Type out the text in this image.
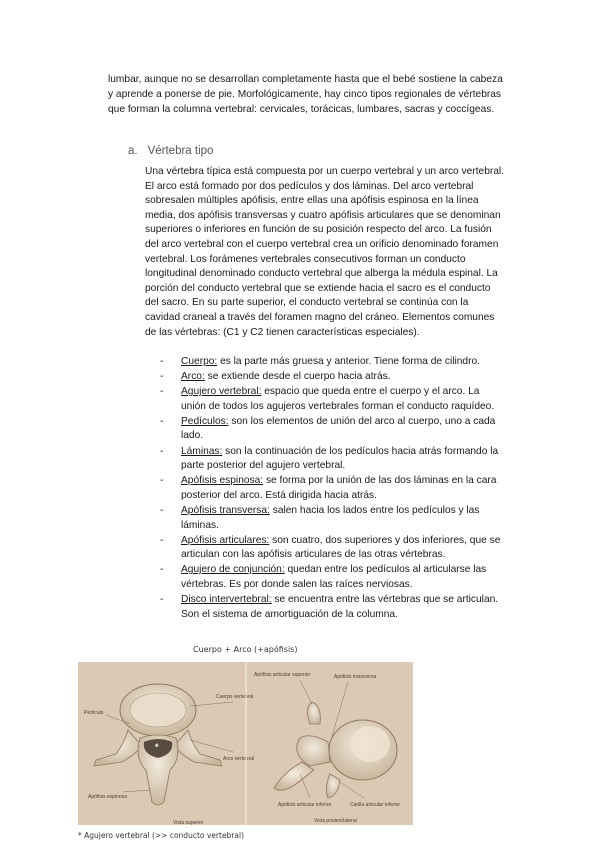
lumbar, aunque no se desarrollan completamente hasta que el bebé sostiene la cabeza y aprende a ponerse de pie. Morfológicamente, hay cinco tipos regionales de vértebras que forman la columna vertebral: cervicales, torácicas, lumbares, sacras y coccígeas.

a. Vértebra tipo

Una vértebra típica está compuesta por un cuerpo vertebral y un arco vertebral. El arco está formado por dos pedículos y dos láminas. Del arco vertebral sobresalen múltiples apófisis, entre ellas una apófisis espinosa en la línea media, dos apófisis transversas y cuatro apófisis articulares que se denominan superiores o inferiores en función de su posición respecto del arco. La fusión del arco vertebral con el cuerpo vertebral crea un orificio denominado foramen vertebral. Los forámenes vertebrales consecutivos forman un conducto longitudinal denominado conducto vertebral que alberga la médula espinal. La porción del conducto vertebral que se extiende hacia el sacro es el conducto del sacro. En su parte superior, el conducto vertebral se continúa con la cavidad craneal a través del foramen magno del cráneo. Elementos comunes de las vértebras: (C1 y C2 tienen características especiales).

-	Cuerpo: es la parte más gruesa y anterior. Tiene forma de cilindro.
-	Arco: se extiende desde el cuerpo hacia atrás.
-	Agujero vertebral: espacio que queda entre el cuerpo y el arco. La unión de todos los agujeros vertebrales forman el conducto raquídeo.
-	Pedículos: son los elementos de unión del arco al cuerpo, uno a cada lado.
-	Láminas: son la continuación de los pedículos hacia atrás formando la parte posterior del agujero vertebral.
-	Apófisis espinosa: se forma por la unión de las dos láminas en la cara posterior del arco. Está dirigida hacia atrás.
-	Apófisis transversa: salen hacia los lados entre los pedículos y las láminas.
-	Apófisis articulares: son cuatro, dos superiores y dos inferiores, que se articulan con las apófisis articulares de las otras vértebras.
-	Agujero de conjunción: quedan entre los pedículos al articularse las vértebras. Es por donde salen las raíces nerviosas.
-	Disco intervertebral: se encuentra entre las vértebras que se articulan. Son el sistema de amortiguación de la columna.
Cuerpo + Arco (+apófisis)
*
Pedículo
Cuerpo vertebral
Arco vertebral
Apófisis espinosa
Vista superior
Apófisis articular superior	Apófisis transversa
Apófisis articular inferior	Carilla articular inferior
Vista posterolateral
* Agujero vertebral (>> conducto vertebral)
